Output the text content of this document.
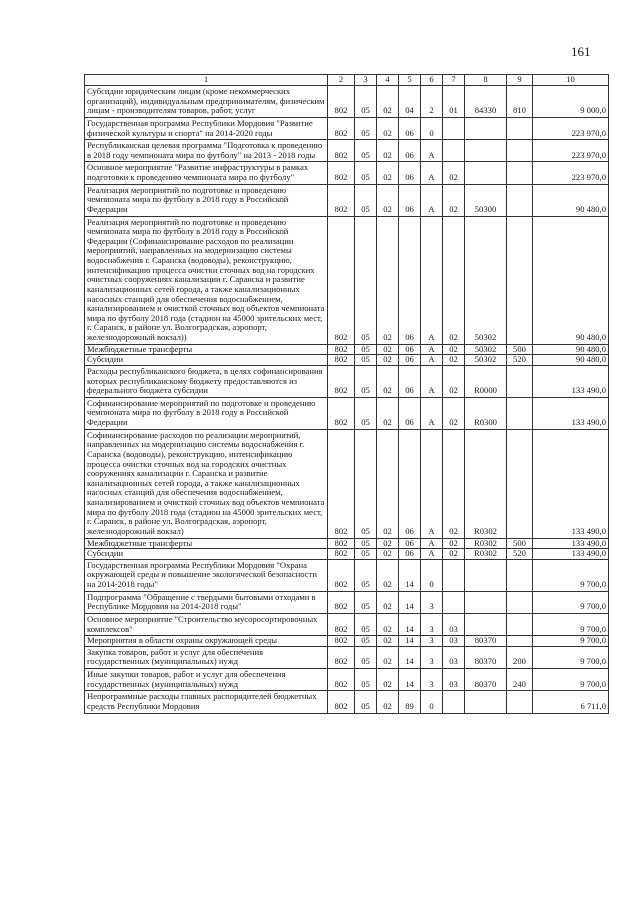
161
1	2	3	4	5	6	7	8	9	10
Субсидии юридическим лицам (кроме некоммерческих организаций), индивидуальным предпринимателям, физическим лицам - производителям товаров, работ, услуг	802	05	02	04	2	01	84330	810	9 000,0
Государственная программа Республики Мордовия "Развитие физической культуры и спорта" на 2014-2020 годы	802	05	02	06	0				223 970,0
Республиканская целевая программа "Подготовка к проведению в 2018 году чемпионата мира по футболу" на 2013 - 2018 годы	802	05	02	06	А				223 970,0
Основное мероприятие "Развитие инфраструктуры в рамках подготовки к проведению чемпионата мира по футболу"	802	05	02	06	А	02			223 970,0
Реализация мероприятий по подготовке и проведению чемпионата мира по футболу в 2018 году в Российской Федерации	802	05	02	06	А	02	50300		90 480,0
Реализация мероприятий по подготовке и проведению чемпионата мира по футболу в 2018 году в Российской Федерации (Софинансирование расходов по реализации мероприятий, направленных на модернизацию системы водоснабжения г. Саранска (водоводы), реконструкцию, интенсификацию процесса очистки сточных вод на городских очистных сооружениях канализации г. Саранска и развитие канализационных сетей города, а также канализационных насосных станций для обеспечения водоснабжением, канализированием и очисткой сточных вод объектов чемпионата мира по футболу 2018 года (стадион на 45000 зрительских мест, г. Саранск, в районе ул. Волгоградская, аэропорт, железнодорожный вокзал))	802	05	02	06	А	02	50302		90 480,0
Межбюджетные трансферты	802	05	02	06	А	02	50302	500	90 480,0
Субсидии	802	05	02	06	А	02	50302	520	90 480,0
Расходы республиканского бюджета, в целях софинансирования которых республиканскому бюджету предоставляются из федерального бюджета субсидии	802	05	02	06	А	02	R0000		133 490,0
Софинансирование мероприятий по подготовке и проведению чемпионата мира по футболу в 2018 году в Российской Федерации	802	05	02	06	А	02	R0300		133 490,0
Софинансирование расходов по реализации мероприятий, направленных на модернизацию системы водоснабжения г. Саранска (водоводы), реконструкцию, интенсификацию процесса очистки сточных вод на городских очистных сооружениях канализации г. Саранска и развитие канализационных сетей города, а также канализационных насосных станций для обеспечения водоснабжением, канализированием и очисткой сточных вод объектов чемпионата мира по футболу 2018 года (стадион на 45000 зрительских мест, г. Саранск, в районе ул. Волгоградская, аэропорт, железнодорожный вокзал)	802	05	02	06	А	02	R0302		133 490,0
Межбюджетные трансферты	802	05	02	06	А	02	R0302	500	133 490,0
Субсидии	802	05	02	06	А	02	R0302	520	133 490,0
Государственная программа Республики Мордовия "Охрана окружающей среды и повышение экологической безопасности на 2014-2018 годы"	802	05	02	14	0				9 700,0
Подпрограмма "Обращение с твердыми бытовыми отходами в Республике Мордовия на 2014-2018 годы"	802	05	02	14	3				9 700,0
Основное мероприятие "Строительство мусоросортировочных комплексов"	802	05	02	14	3	03			9 700,0
Мероприятия в области охраны окружающей среды	802	05	02	14	3	03	80370		9 700,0
Закупка товаров, работ и услуг для обеспечения государственных (муниципальных) нужд	802	05	02	14	3	03	80370	200	9 700,0
Иные закупки товаров, работ и услуг для обеспечения государственных (муниципальных) нужд	802	05	02	14	3	03	80370	240	9 700,0
Непрограммные расходы главных распорядителей бюджетных средств Республики Мордовия	802	05	02	89	0				6 711,0
